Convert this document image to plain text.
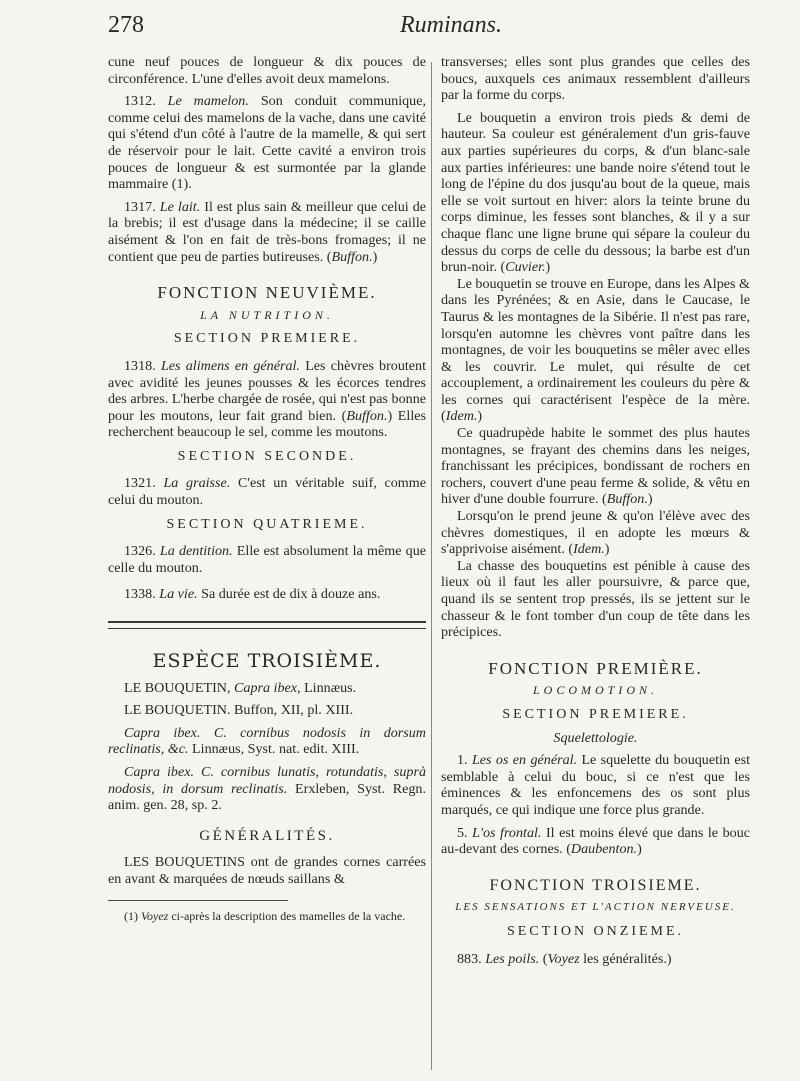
278	Ruminans.

cune neuf pouces de longueur & dix pouces de circonférence. L'une d'elles avoit deux mamelons.

1312. Le mamelon. Son conduit communique, comme celui des mamelons de la vache, dans une cavité qui s'étend d'un côté à l'autre de la mamelle, & qui sert de réservoir pour le lait. Cette cavité a environ trois pouces de longueur & est surmontée par la glande mammaire (1).

1317. Le lait. Il est plus sain & meilleur que celui de la brebis; il est d'usage dans la médecine; il se caille aisément & l'on en fait de très-bons fromages; il ne contient que peu de parties butireuses. (Buffon.)

FONCTION NEUVIÈME.
LA NUTRITION.
SECTION PREMIERE.

1318. Les alimens en général. Les chèvres broutent avec avidité les jeunes pousses & les écorces tendres des arbres. L'herbe chargée de rosée, qui n'est pas bonne pour les moutons, leur fait grand bien. (Buffon.) Elles recherchent beaucoup le sel, comme les moutons.

SECTION SECONDE.

1321. La graisse. C'est un véritable suif, comme celui du mouton.

SECTION QUATRIEME.

1326. La dentition. Elle est absolument la même que celle du mouton.

1338. La vie. Sa durée est de dix à douze ans.

ESPÈCE TROISIÈME.

LE BOUQUETIN, Capra ibex, Linnæus.

LE BOUQUETIN. Buffon, XII, pl. XIII.

Capra ibex. C. cornibus nodosis in dorsum reclinatis, &c. Linnæus, Syst. nat. edit. XIII.

Capra ibex. C. cornibus lunatis, rotundatis, suprà nodosis, in dorsum reclinatis. Erxleben, Syst. Regn. anim. gen. 28, sp. 2.

GÉNÉRALITÉS.

LES BOUQUETINS ont de grandes cornes carrées en avant & marquées de nœuds saillans &

(1) Voyez ci-après la description des mamelles de la vache.

transverses; elles sont plus grandes que celles des boucs, auxquels ces animaux ressemblent d'ailleurs par la forme du corps.

Le bouquetin a environ trois pieds & demi de hauteur. Sa couleur est généralement d'un gris-fauve aux parties supérieures du corps, & d'un blanc-sale aux parties inférieures: une bande noire s'étend tout le long de l'épine du dos jusqu'au bout de la queue, mais elle se voit surtout en hiver: alors la teinte brune du corps diminue, les fesses sont blanches, & il y a sur chaque flanc une ligne brune qui sépare la couleur du dessus du corps de celle du dessous; la barbe est d'un brun-noir. (Cuvier.)

Le bouquetin se trouve en Europe, dans les Alpes & dans les Pyrénées; & en Asie, dans le Caucase, le Taurus & les montagnes de la Sibérie. Il n'est pas rare, lorsqu'en automne les chèvres vont paître dans les montagnes, de voir les bouquetins se mêler avec elles & les couvrir. Le mulet, qui résulte de cet accouplement, a ordinairement les couleurs du père & les cornes qui caractérisent l'espèce de la mère. (Idem.)

Ce quadrupède habite le sommet des plus hautes montagnes, se frayant des chemins dans les neiges, franchissant les précipices, bondissant de rochers en rochers, couvert d'une peau ferme & solide, & vêtu en hiver d'une double fourrure. (Buffon.)

Lorsqu'on le prend jeune & qu'on l'élève avec des chèvres domestiques, il en adopte les mœurs & s'apprivoise aisément. (Idem.)

La chasse des bouquetins est pénible à cause des lieux où il faut les aller poursuivre, & parce que, quand ils se sentent trop pressés, ils se jettent sur le chasseur & le font tomber d'un coup de tête dans les précipices.

FONCTION PREMIÈRE.
LOCOMOTION.
SECTION PREMIERE.

Squelettologie.

1. Les os en général. Le squelette du bouquetin est semblable à celui du bouc, si ce n'est que les éminences & les enfoncemens des os sont plus marqués, ce qui indique une force plus grande.

5. L'os frontal. Il est moins élevé que dans le bouc au-devant des cornes. (Daubenton.)

FONCTION TROISIEME.
LES SENSATIONS ET L'ACTION NERVEUSE.
SECTION ONZIEME.

883. Les poils. (Voyez les généralités.)
